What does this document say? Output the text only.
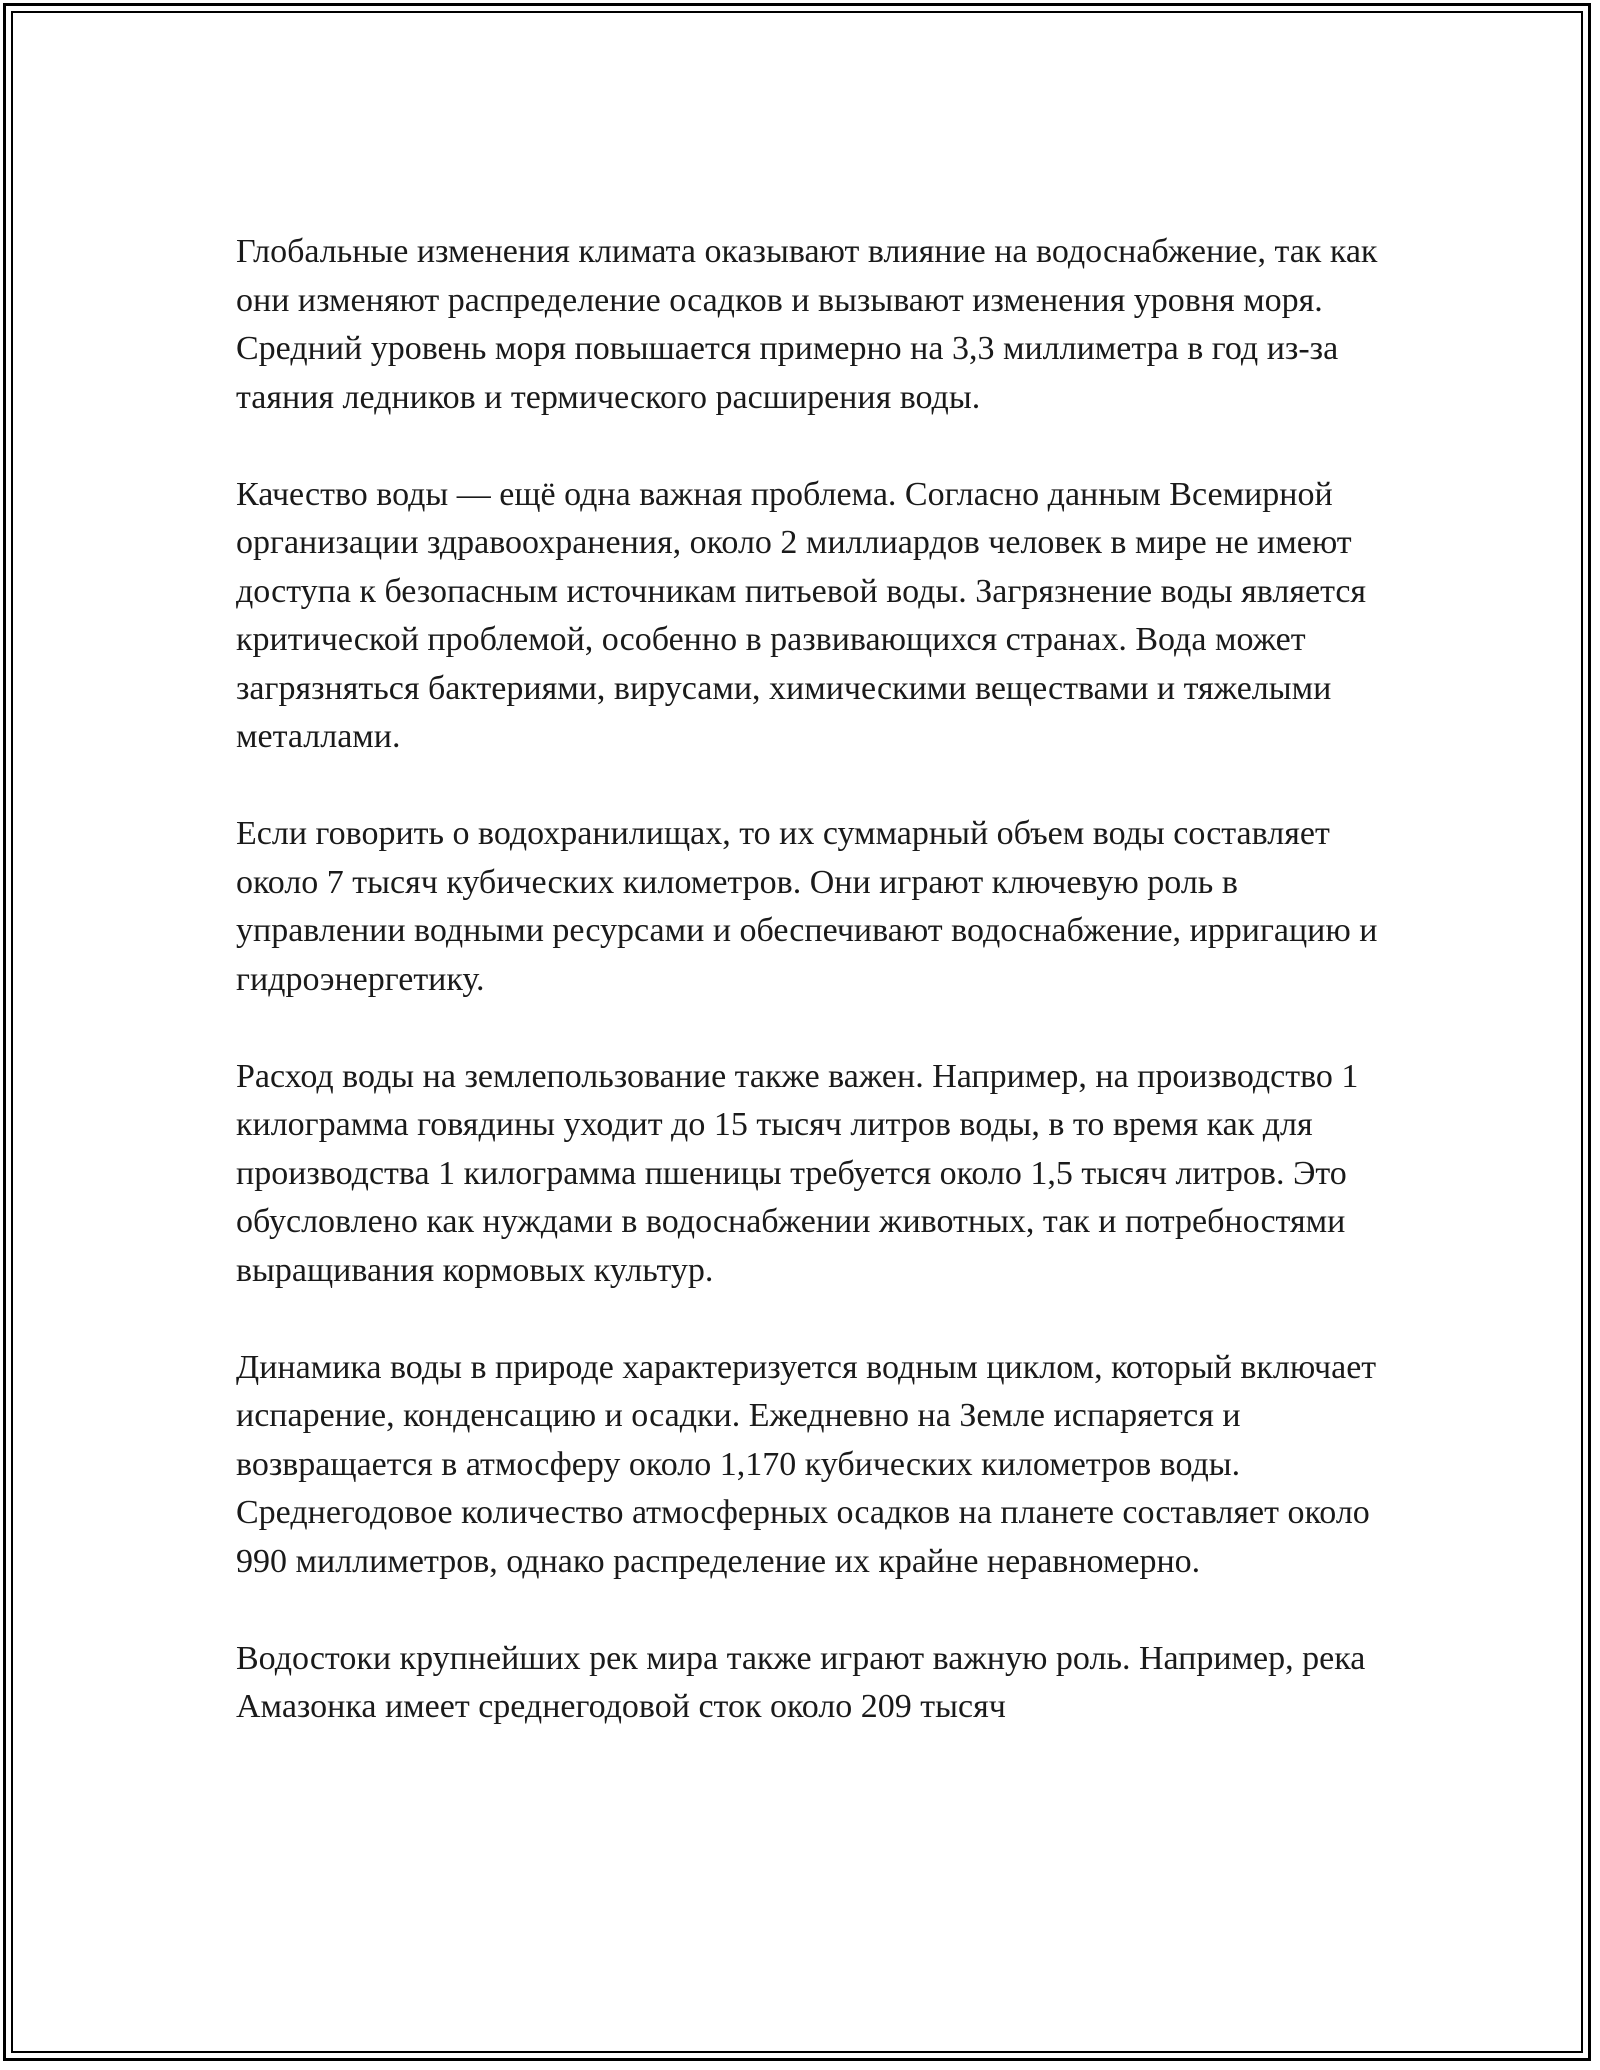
Глобальные изменения климата оказывают влияние на водоснабжение, так как они изменяют распределение осадков и вызывают изменения уровня моря. Средний уровень моря повышается примерно на 3,3 миллиметра в год из-за таяния ледников и термического расширения воды.

Качество воды — ещё одна важная проблема. Согласно данным Всемирной организации здравоохранения, около 2 миллиардов человек в мире не имеют доступа к безопасным источникам питьевой воды. Загрязнение воды является критической проблемой, особенно в развивающихся странах. Вода может загрязняться бактериями, вирусами, химическими веществами и тяжелыми металлами.

Если говорить о водохранилищах, то их суммарный объем воды составляет около 7 тысяч кубических километров. Они играют ключевую роль в управлении водными ресурсами и обеспечивают водоснабжение, ирригацию и гидроэнергетику.

Расход воды на землепользование также важен. Например, на производство 1 килограмма говядины уходит до 15 тысяч литров воды, в то время как для производства 1 килограмма пшеницы требуется около 1,5 тысяч литров. Это обусловлено как нуждами в водоснабжении животных, так и потребностями выращивания кормовых культур.

Динамика воды в природе характеризуется водным циклом, который включает испарение, конденсацию и осадки. Ежедневно на Земле испаряется и возвращается в атмосферу около 1,170 кубических километров воды. Среднегодовое количество атмосферных осадков на планете составляет около 990 миллиметров, однако распределение их крайне неравномерно.

Водостоки крупнейших рек мира также играют важную роль. Например, река Амазонка имеет среднегодовой сток около 209 тысяч
